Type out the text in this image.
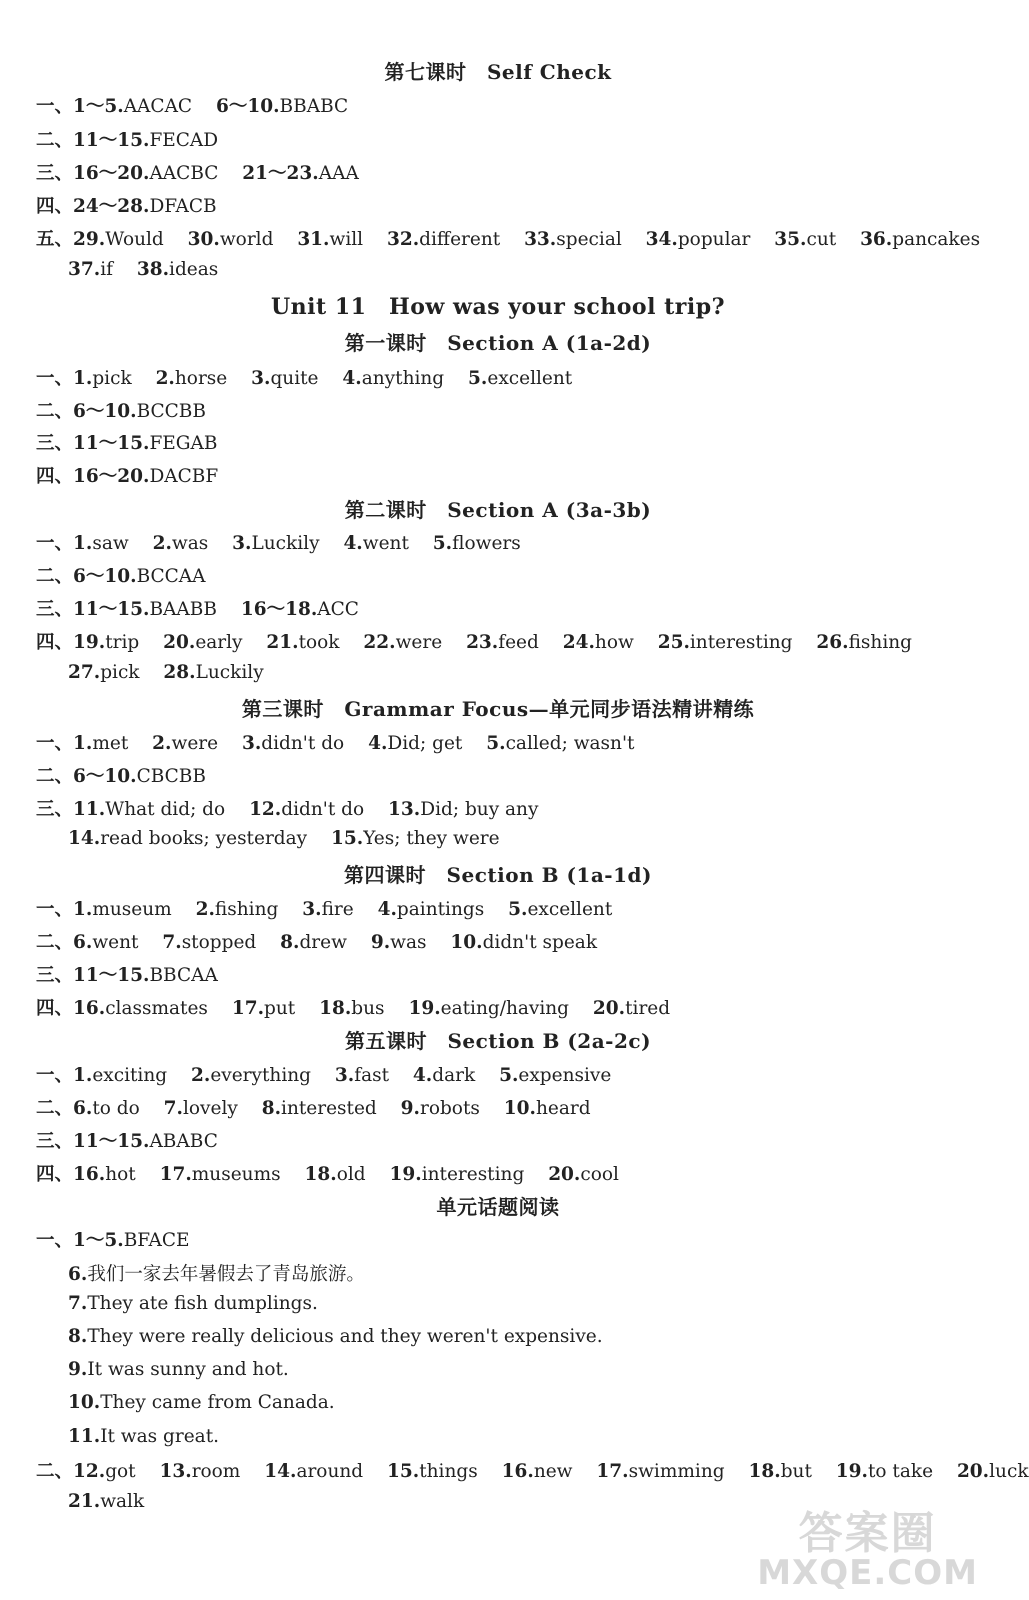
第七课时　Self Check
一、1～5.AACAC 6～10.BBABC
二、11～15.FECAD
三、16～20.AACBC 21～23.AAA
四、24～28.DFACB
五、29.Would 30.world 31.will 32.different 33.special 34.popular 35.cut 36.pancakes
37.if 38.ideas
Unit 11　How was your school trip?
第一课时　Section A (1a-2d)
一、1.pick 2.horse 3.quite 4.anything 5.excellent
二、6～10.BCCBB
三、11～15.FEGAB
四、16～20.DACBF
第二课时　Section A (3a-3b)
一、1.saw 2.was 3.Luckily 4.went 5.flowers
二、6～10.BCCAA
三、11～15.BAABB 16～18.ACC
四、19.trip 20.early 21.took 22.were 23.feed 24.how 25.interesting 26.fishing
27.pick 28.Luckily
第三课时　Grammar Focus—单元同步语法精讲精练
一、1.met 2.were 3.didn't do 4.Did; get 5.called; wasn't
二、6～10.CBCBB
三、11.What did; do 12.didn't do 13.Did; buy any
14.read books; yesterday 15.Yes; they were
第四课时　Section B (1a-1d)
一、1.museum 2.fishing 3.fire 4.paintings 5.excellent
二、6.went 7.stopped 8.drew 9.was 10.didn't speak
三、11～15.BBCAA
四、16.classmates 17.put 18.bus 19.eating/having 20.tired
第五课时　Section B (2a-2c)
一、1.exciting 2.everything 3.fast 4.dark 5.expensive
二、6.to do 7.lovely 8.interested 9.robots 10.heard
三、11～15.ABABC
四、16.hot 17.museums 18.old 19.interesting 20.cool
单元话题阅读
一、1～5.BFACE
6.我们一家去年暑假去了青岛旅游。
7.They ate fish dumplings.
8.They were really delicious and they weren't expensive.
9.It was sunny and hot.
10.They came from Canada.
11.It was great.
二、12.got 13.room 14.around 15.things 16.new 17.swimming 18.but 19.to take 20.luck
21.walk
答案圈
MXQE.COM
